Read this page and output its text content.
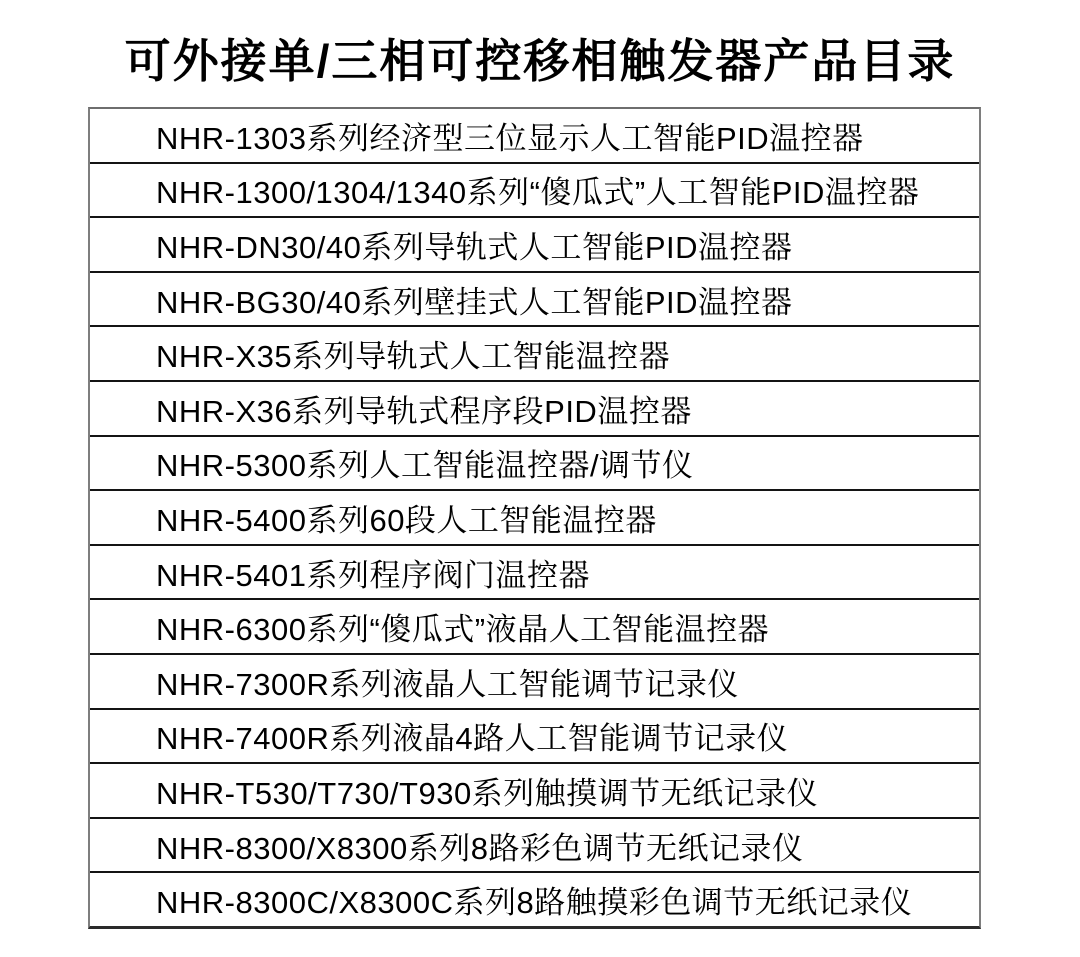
可外接单/三相可控移相触发器产品目录
NHR-1303系列经济型三位显示人工智能PID温控器
NHR-1300/1304/1340系列“傻瓜式”人工智能PID温控器
NHR-DN30/40系列导轨式人工智能PID温控器
NHR-BG30/40系列壁挂式人工智能PID温控器
NHR-X35系列导轨式人工智能温控器
NHR-X36系列导轨式程序段PID温控器
NHR-5300系列人工智能温控器/调节仪
NHR-5400系列60段人工智能温控器
NHR-5401系列程序阀门温控器
NHR-6300系列“傻瓜式”液晶人工智能温控器
NHR-7300R系列液晶人工智能调节记录仪
NHR-7400R系列液晶4路人工智能调节记录仪
NHR-T530/T730/T930系列触摸调节无纸记录仪
NHR-8300/X8300系列8路彩色调节无纸记录仪
NHR-8300C/X8300C系列8路触摸彩色调节无纸记录仪
